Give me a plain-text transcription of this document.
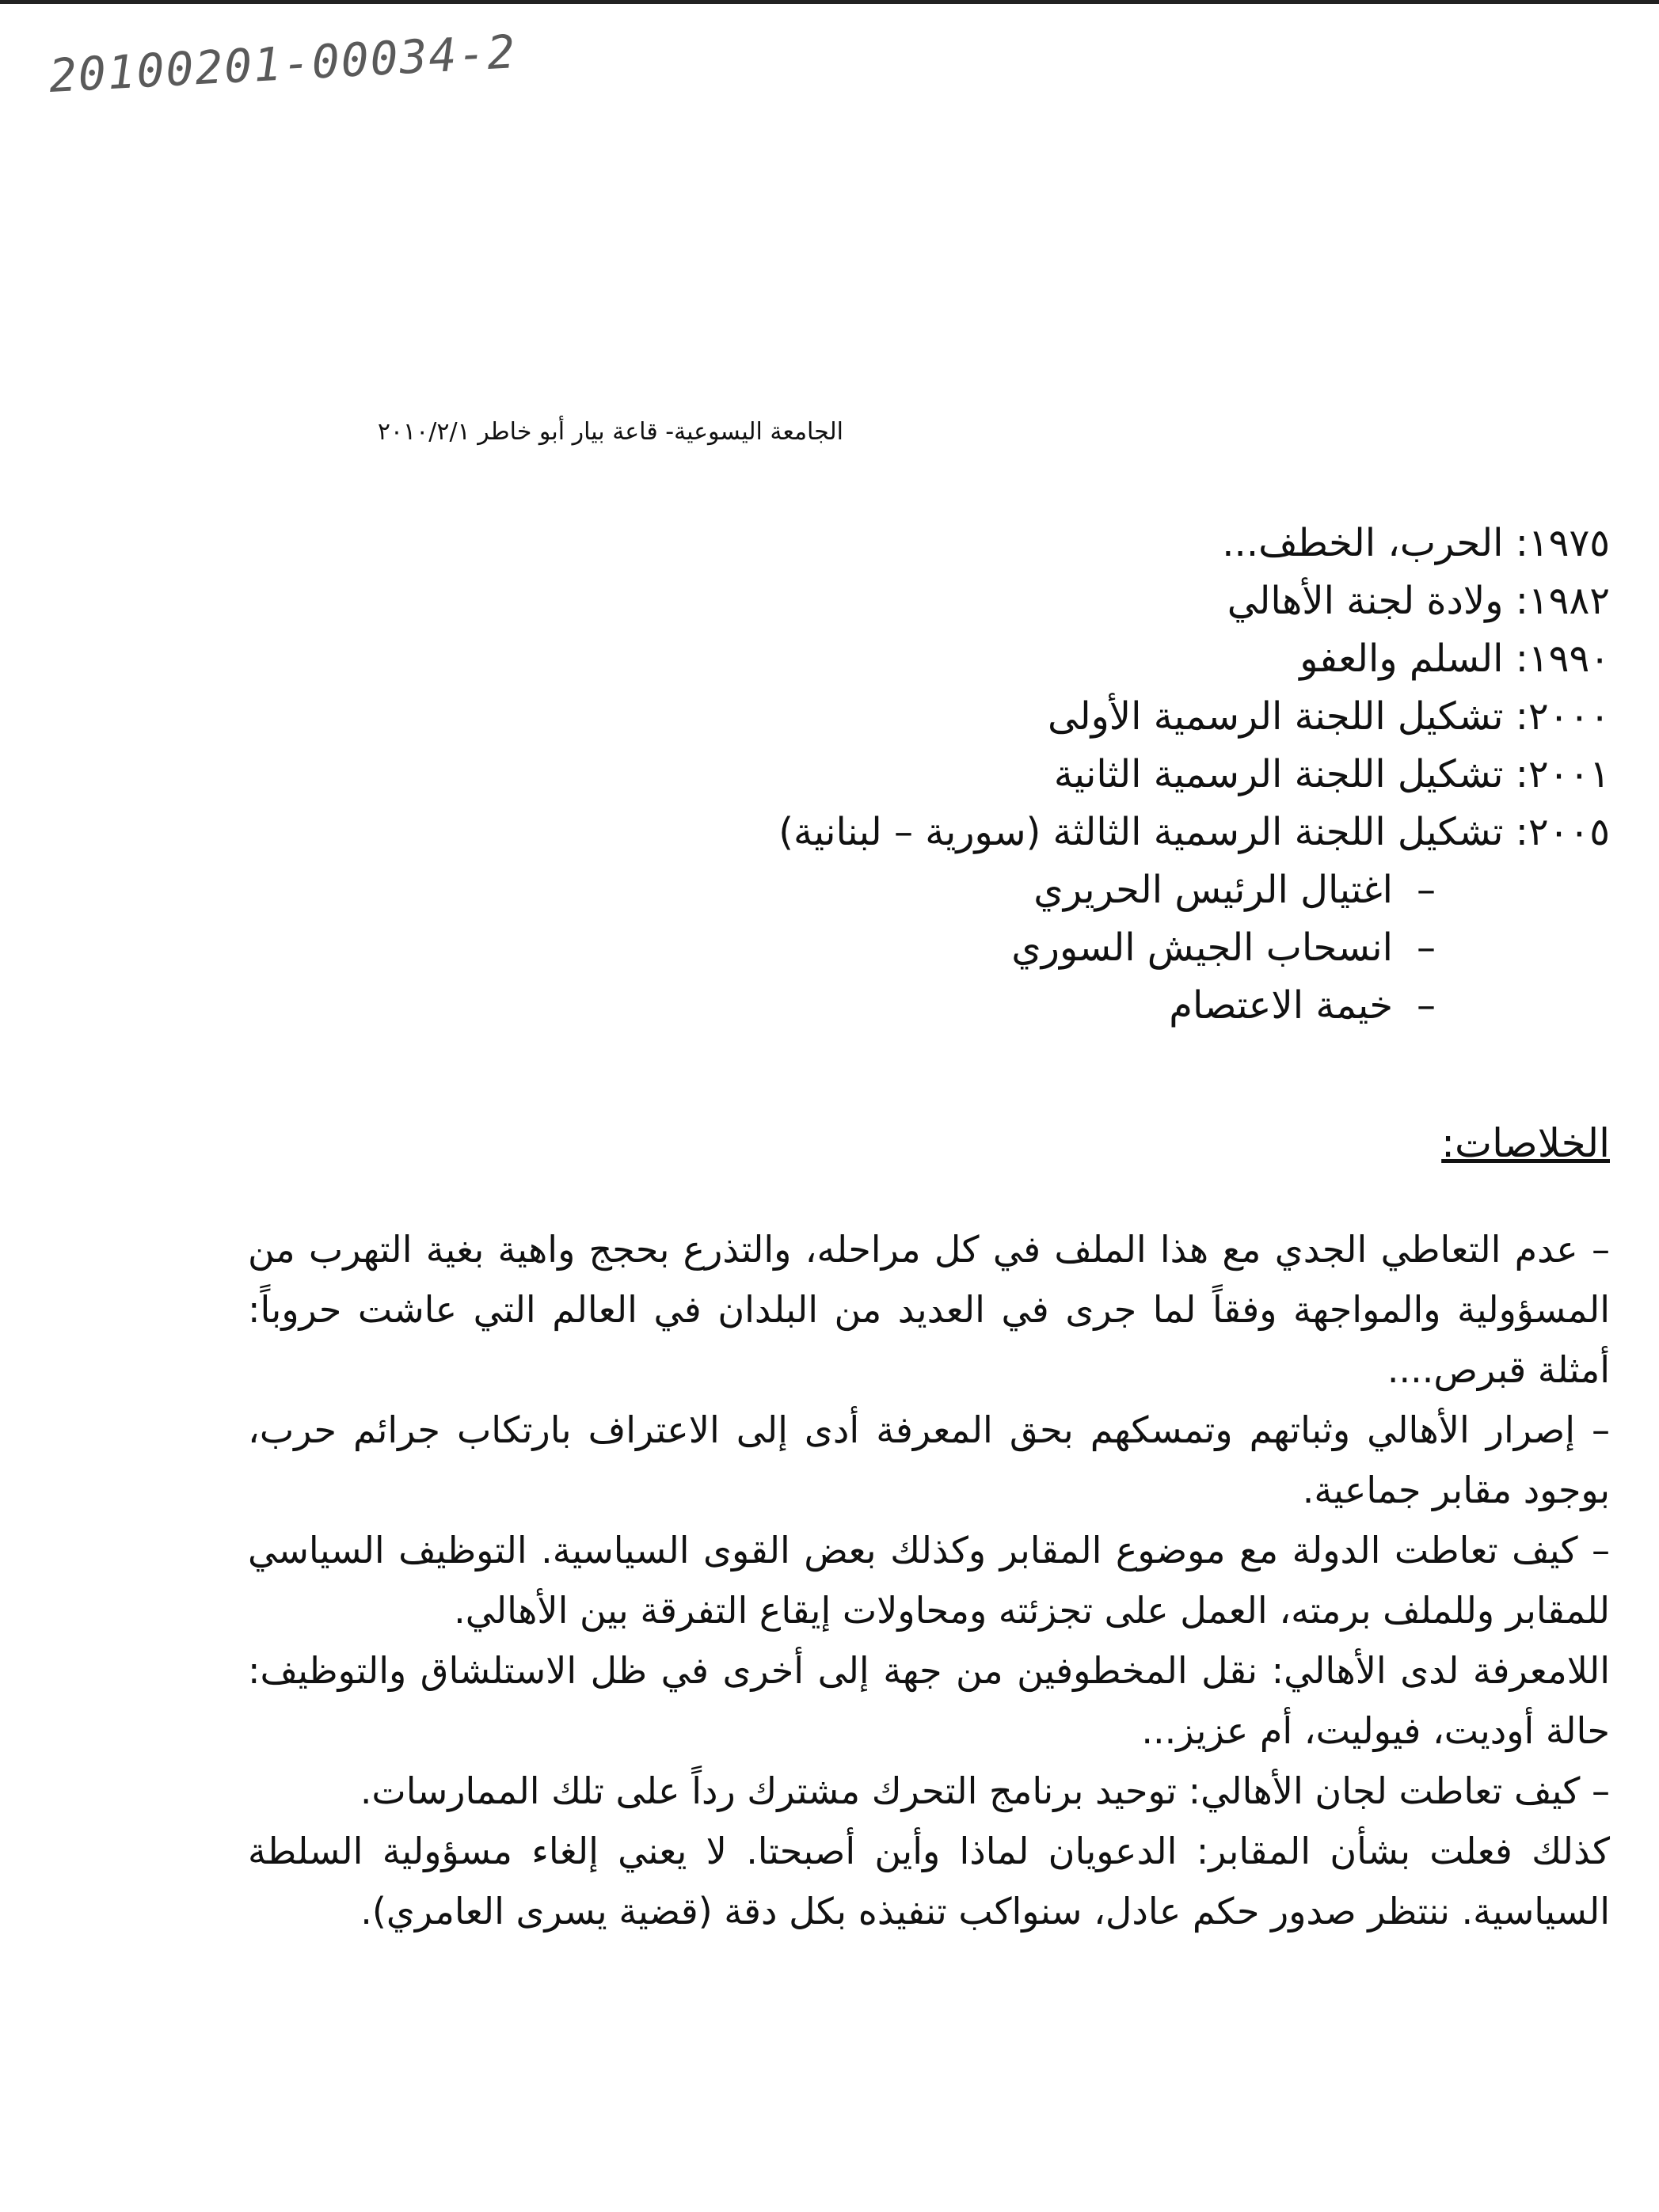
20100201-00034-2
الجامعة اليسوعية- قاعة بيار أبو خاطر ٢٠١٠/٢/١
١٩٧٥: الحرب، الخطف...
١٩٨٢: ولادة لجنة الأهالي
١٩٩٠: السلم والعفو
٢٠٠٠: تشكيل اللجنة الرسمية الأولى
٢٠٠١: تشكيل اللجنة الرسمية الثانية
٢٠٠٥: تشكيل اللجنة الرسمية الثالثة (سورية – لبنانية)
–اغتيال الرئيس الحريري
–انسحاب الجيش السوري
–خيمة الاعتصام
الخلاصات:

– عدم التعاطي الجدي مع هذا الملف في كل مراحله، والتذرع بحجج واهية بغية التهرب من المسؤولية والمواجهة وفقاً لما جرى في العديد من البلدان في العالم التي عاشت حروباً: أمثلة قبرص....

– إصرار الأهالي وثباتهم وتمسكهم بحق المعرفة أدى إلى الاعتراف بارتكاب جرائم حرب، بوجود مقابر جماعية.

– كيف تعاطت الدولة مع موضوع المقابر وكذلك بعض القوى السياسية. التوظيف السياسي للمقابر وللملف برمته، العمل على تجزئته ومحاولات إيقاع التفرقة بين الأهالي.

اللامعرفة لدى الأهالي: نقل المخطوفين من جهة إلى أخرى في ظل الاستلشاق والتوظيف: حالة أوديت، فيوليت، أم عزيز...

– كيف تعاطت لجان الأهالي: توحيد برنامج التحرك مشترك رداً على تلك الممارسات.

كذلك فعلت بشأن المقابر: الدعويان لماذا وأين أصبحتا. لا يعني إلغاء مسؤولية السلطة السياسية. ننتظر صدور حكم عادل، سنواكب تنفيذه بكل دقة (قضية يسرى العامري).
